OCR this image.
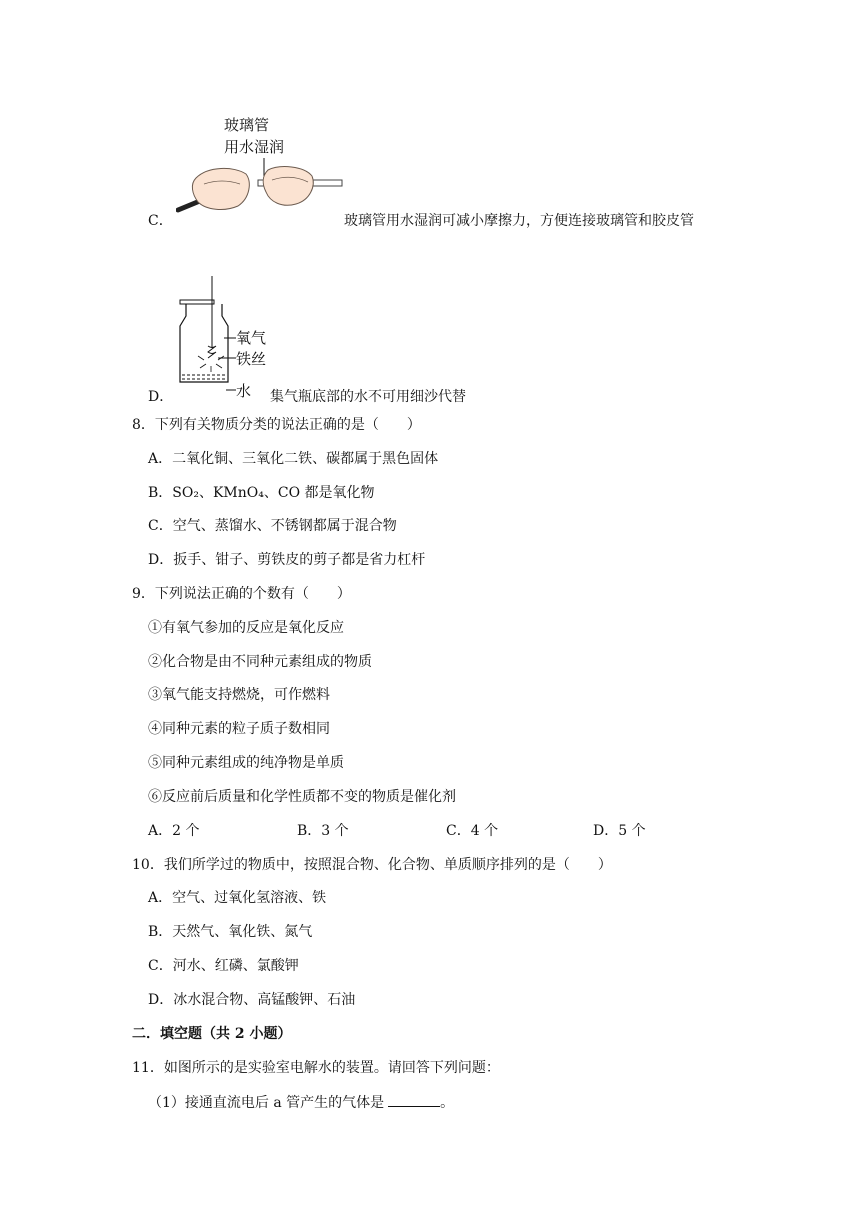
玻璃管
用水湿润
C．	玻璃管用水湿润可减小摩擦力，方便连接玻璃管和胶皮管
氧气
铁丝
水
D．	集气瓶底部的水不可用细沙代替
8．下列有关物质分类的说法正确的是（　　）
A．二氧化铜、三氧化二铁、碳都属于黑色固体
B．SO₂、KMnO₄、CO 都是氧化物
C．空气、蒸馏水、不锈钢都属于混合物
D．扳手、钳子、剪铁皮的剪子都是省力杠杆
9．下列说法正确的个数有（　　）
①有氧气参加的反应是氧化反应
②化合物是由不同种元素组成的物质
③氧气能支持燃烧，可作燃料
④同种元素的粒子质子数相同
⑤同种元素组成的纯净物是单质
⑥反应前后质量和化学性质都不变的物质是催化剂
A．2 个	B．3 个	C．4 个	D．5 个
10．我们所学过的物质中，按照混合物、化合物、单质顺序排列的是（　　）
A．空气、过氧化氢溶液、铁
B．天然气、氧化铁、氮气
C．河水、红磷、氯酸钾
D．冰水混合物、高锰酸钾、石油
二．填空题（共 2 小题）
11．如图所示的是实验室电解水的装置。请回答下列问题：
（1）接通直流电后 a 管产生的气体是	。
